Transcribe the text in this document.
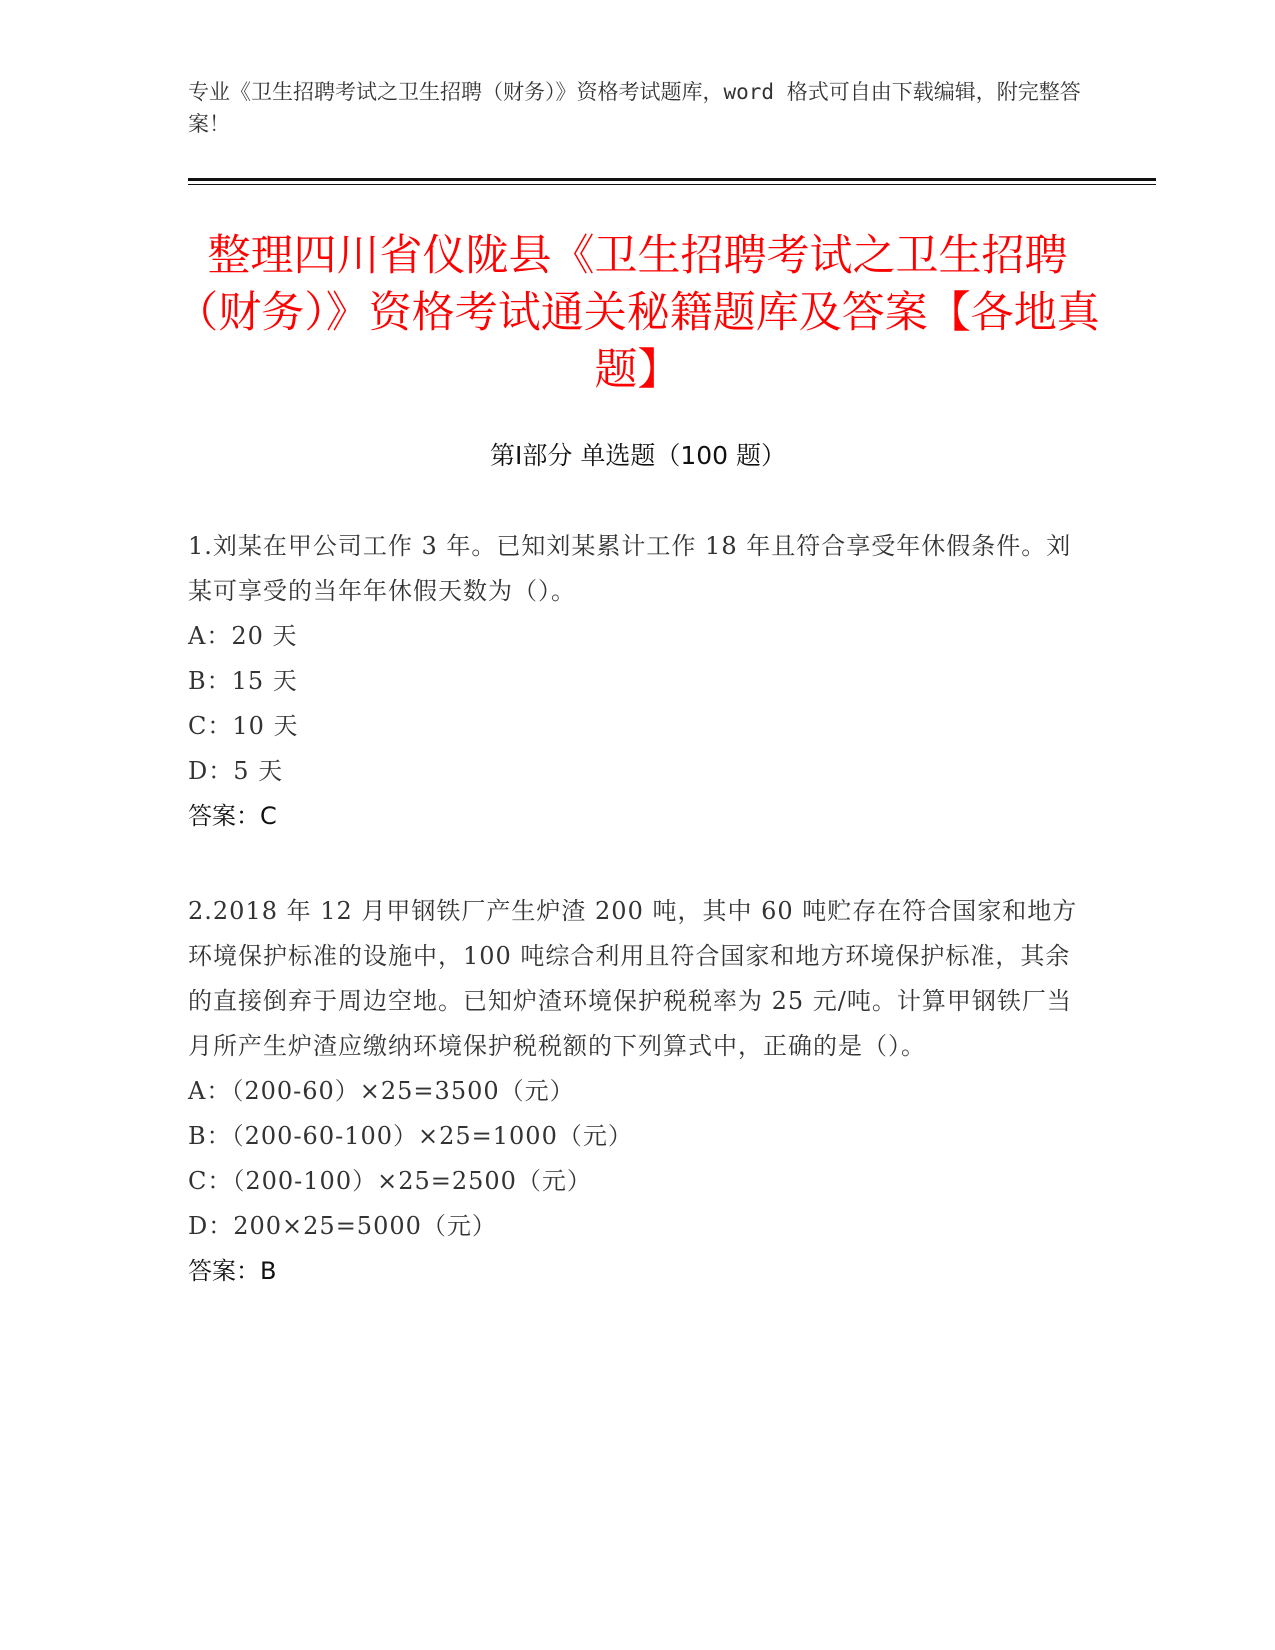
专业《卫生招聘考试之卫生招聘（财务）》资格考试题库，word 格式可自由下载编辑，附完整答案！
整理四川省仪陇县《卫生招聘考试之卫生招聘（财务）》资格考试通关秘籍题库及答案【各地真题】
第Ⅰ部分 单选题（100 题）
1.刘某在甲公司工作 3 年。已知刘某累计工作 18 年且符合享受年休假条件。刘某可享受的当年年休假天数为（）。
A：20 天
B：15 天
C：10 天
D：5 天
答案：C
2.2018 年 12 月甲钢铁厂产生炉渣 200 吨，其中 60 吨贮存在符合国家和地方环境保护标准的设施中，100 吨综合利用且符合国家和地方环境保护标准，其余的直接倒弃于周边空地。已知炉渣环境保护税税率为 25 元/吨。计算甲钢铁厂当月所产生炉渣应缴纳环境保护税税额的下列算式中，正确的是（）。
A：（200-60）×25=3500（元）
B：（200-60-100）×25=1000（元）
C：（200-100）×25=2500（元）
D：200×25=5000（元）
答案：B
